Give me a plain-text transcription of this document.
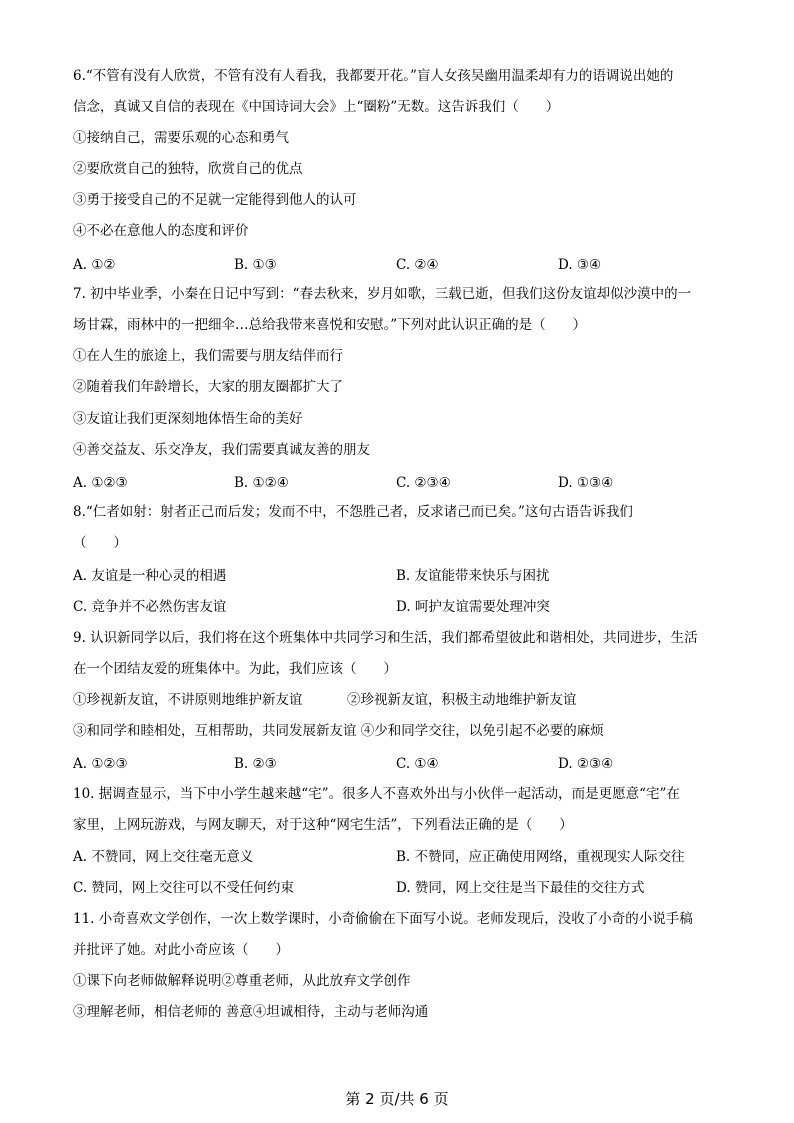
6.“不管有没有人欣赏，不管有没有人看我，我都要开花。”盲人女孩吴幽用温柔却有力的语调说出她的
信念，真诚又自信的表现在《中国诗词大会》上“圈粉”无数。这告诉我们（　　）
①接纳自己，需要乐观的心态和勇气
②要欣赏自己的独特，欣赏自己的优点
③勇于接受自己的不足就一定能得到他人的认可
④不必在意他人的态度和评价
A. ①②	B. ①③	C. ②④	D. ③④
7. 初中毕业季，小秦在日记中写到：“春去秋来，岁月如歌，三载已逝，但我们这份友谊却似沙漠中的一
场甘霖，雨林中的一把细伞…总给我带来喜悦和安慰。”下列对此认识正确的是（　　）
①在人生的旅途上，我们需要与朋友结伴而行
②随着我们年龄增长，大家的朋友圈都扩大了
③友谊让我们更深刻地体悟生命的美好
④善交益友、乐交净友，我们需要真诚友善的朋友
A. ①②③	B. ①②④	C. ②③④	D. ①③④
8.“仁者如射：射者正己而后发；发而不中，不怨胜己者，反求诸己而已矣。”这句古语告诉我们
（　　）
A. 友谊是一种心灵的相遇	B. 友谊能带来快乐与困扰
C. 竞争并不必然伤害友谊	D. 呵护友谊需要处理冲突
9. 认识新同学以后，我们将在这个班集体中共同学习和生活，我们都希望彼此和谐相处，共同进步，生活
在一个团结友爱的班集体中。为此，我们应该（　　）
①珍视新友谊，不讲原则地维护新友谊	②珍视新友谊，积极主动地维护新友谊
③和同学和睦相处，互相帮助，共同发展新友谊 ④少和同学交往，以免引起不必要的麻烦
A. ①②③	B. ②③	C. ①④	D. ②③④
10. 据调查显示，当下中小学生越来越“宅”。很多人不喜欢外出与小伙伴一起活动，而是更愿意“宅”在
家里，上网玩游戏，与网友聊天，对于这种“网宅生活”，下列看法正确的是（　　）
A. 不赞同，网上交往毫无意义	B. 不赞同，应正确使用网络，重视现实人际交往
C. 赞同，网上交往可以不受任何约束	D. 赞同，网上交往是当下最佳的交往方式
11. 小奇喜欢文学创作，一次上数学课时，小奇偷偷在下面写小说。老师发现后，没收了小奇的小说手稿
并批评了她。对此小奇应该（　　）
①课下向老师做解释说明②尊重老师，从此放弃文学创作
③理解老师，相信老师的 善意④坦诚相待，主动与老师沟通
第 2 页/共 6 页
